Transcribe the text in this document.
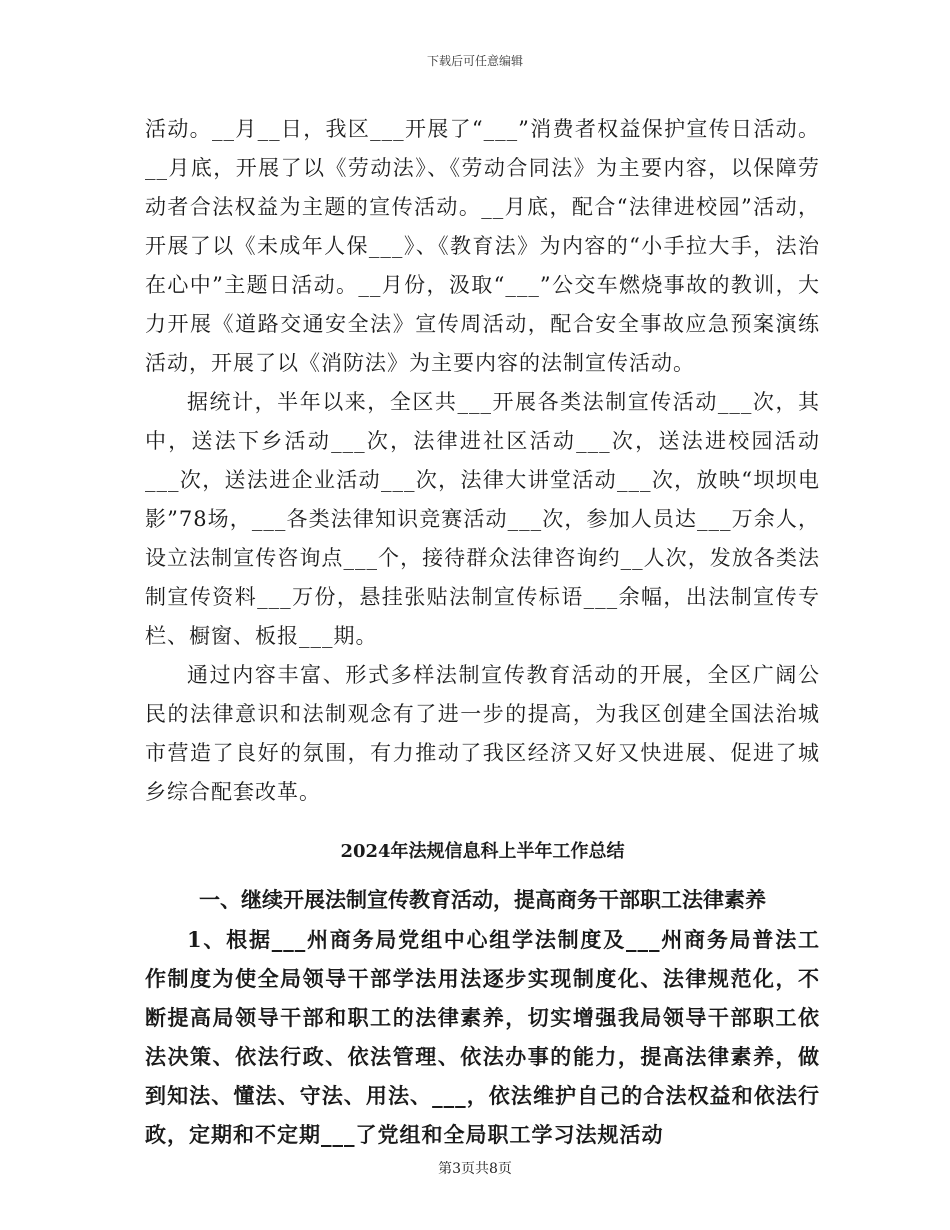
下载后可任意编辑

活动。__月__日，我区___开展了“___”消费者权益保护宣传日活动。__月底，开展了以《劳动法》、《劳动合同法》为主要内容，以保障劳动者合法权益为主题的宣传活动。__月底，配合“法律进校园”活动，开展了以《未成年人保___》、《教育法》为内容的“小手拉大手，法治在心中”主题日活动。__月份，汲取“___”公交车燃烧事故的教训，大力开展《道路交通安全法》宣传周活动，配合安全事故应急预案演练活动，开展了以《消防法》为主要内容的法制宣传活动。

据统计，半年以来，全区共___开展各类法制宣传活动___次，其中，送法下乡活动___次，法律进社区活动___次，送法进校园活动___次，送法进企业活动___次，法律大讲堂活动___次，放映“坝坝电影”78场，___各类法律知识竞赛活动___次，参加人员达___万余人，设立法制宣传咨询点___个，接待群众法律咨询约__人次，发放各类法制宣传资料___万份，悬挂张贴法制宣传标语___余幅，出法制宣传专栏、橱窗、板报___期。

通过内容丰富、形式多样法制宣传教育活动的开展，全区广阔公民的法律意识和法制观念有了进一步的提高，为我区创建全国法治城市营造了良好的氛围，有力推动了我区经济又好又快进展、促进了城乡综合配套改革。

2024年法规信息科上半年工作总结
一、继续开展法制宣传教育活动，提高商务干部职工法律素养

1、根据___州商务局党组中心组学法制度及___州商务局普法工作制度为使全局领导干部学法用法逐步实现制度化、法律规范化，不断提高局领导干部和职工的法律素养，切实增强我局领导干部职工依法决策、依法行政、依法管理、依法办事的能力，提高法律素养，做到知法、懂法、守法、用法、___，依法维护自己的合法权益和依法行政，定期和不定期___了党组和全局职工学习法规活动

第3页共8页
